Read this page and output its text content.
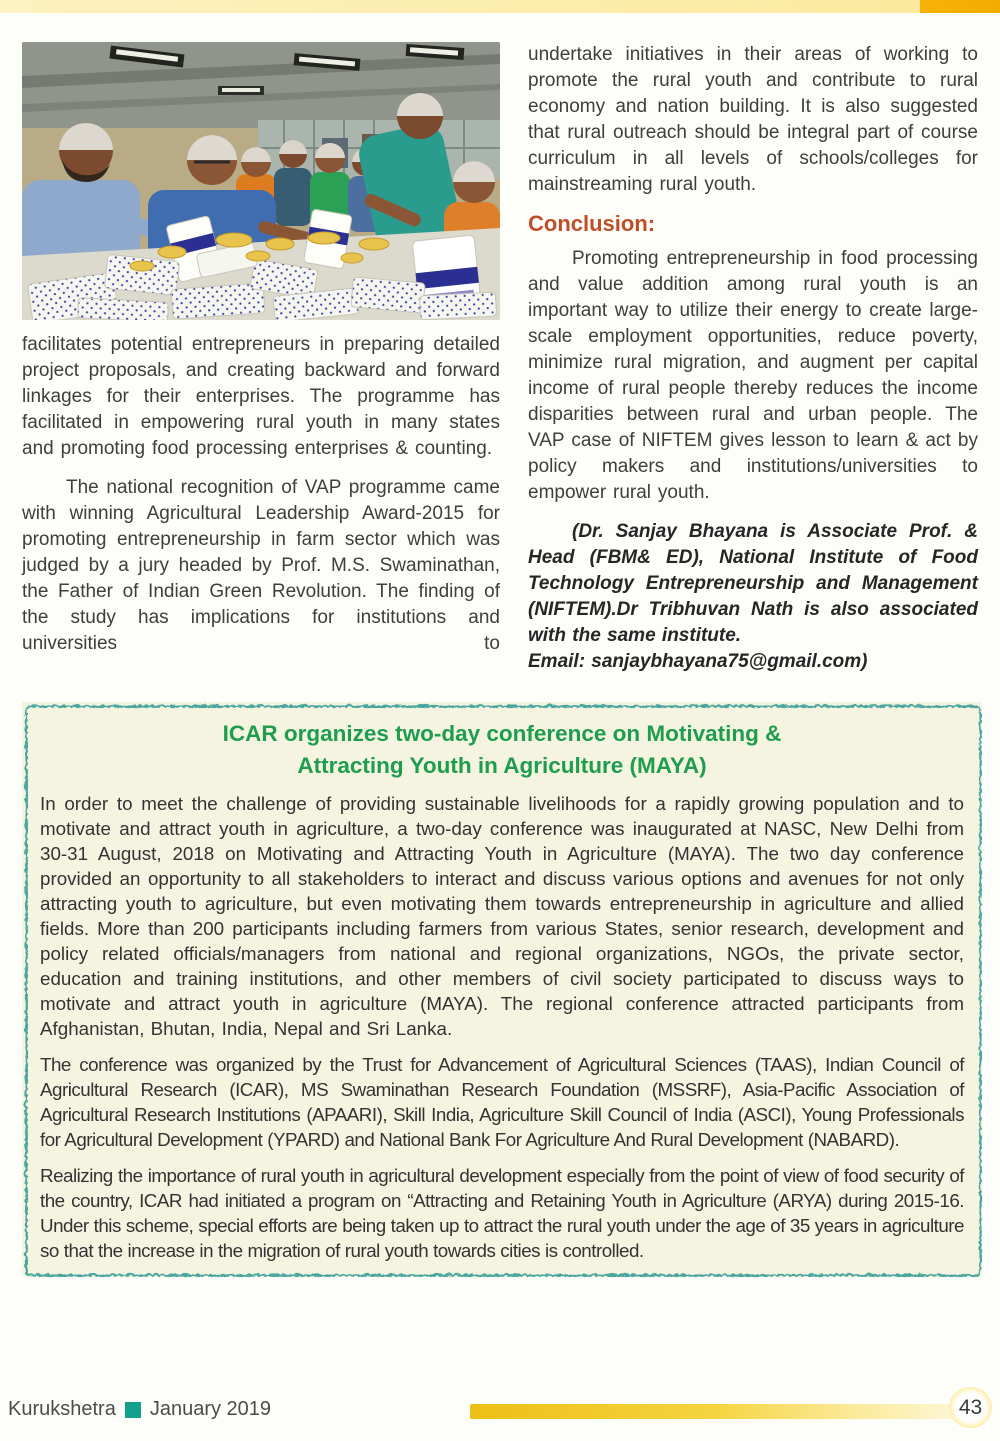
facilitates potential entrepreneurs in preparing detailed project proposals, and creating backward and forward linkages for their enterprises. The programme has facilitated in empowering rural youth in many states and promoting food processing enterprises & counting.

The national recognition of VAP programme came with winning Agricultural Leadership Award-2015 for promoting entrepreneurship in farm sector which was judged by a jury headed by Prof. M.S. Swaminathan, the Father of Indian Green Revolution. The finding of the study has implications for institutions and universities to

undertake initiatives in their areas of working to promote the rural youth and contribute to rural economy and nation building. It is also suggested that rural outreach should be integral part of course curriculum in all levels of schools/colleges for mainstreaming rural youth.

Conclusion:

Promoting entrepreneurship in food processing and value addition among rural youth is an important way to utilize their energy to create large-scale employment opportunities, reduce poverty, minimize rural migration, and augment per capital income of rural people thereby reduces the income disparities between rural and urban people. The VAP case of NIFTEM gives lesson to learn & act by policy makers and institutions/universities to empower rural youth.

(Dr. Sanjay Bhayana is Associate Prof. & Head (FBM& ED), National Institute of Food Technology Entrepreneurship and Management (NIFTEM).Dr Tribhuvan Nath is also associated with the same institute.

Email: sanjaybhayana75@gmail.com)

ICAR organizes two-day conference on Motivating &
Attracting Youth in Agriculture (MAYA)

In order to meet the challenge of providing sustainable livelihoods for a rapidly growing population and to motivate and attract youth in agriculture, a two-day conference was inaugurated at NASC, New Delhi from 30-31 August, 2018 on Motivating and Attracting Youth in Agriculture (MAYA). The two day conference provided an opportunity to all stakeholders to interact and discuss various options and avenues for not only attracting youth to agriculture, but even motivating them towards entrepreneurship in agriculture and allied fields. More than 200 participants including farmers from various States, senior research, development and policy related officials/managers from national and regional organizations, NGOs, the private sector, education and training institutions, and other members of civil society participated to discuss ways to motivate and attract youth in agriculture (MAYA). The regional conference attracted participants from Afghanistan, Bhutan, India, Nepal and Sri Lanka.

The conference was organized by the Trust for Advancement of Agricultural Sciences (TAAS), Indian Council of Agricultural Research (ICAR), MS Swaminathan Research Foundation (MSSRF), Asia-Pacific Association of Agricultural Research Institutions (APAARI), Skill India, Agriculture Skill Council of India (ASCI), Young Professionals for Agricultural Development (YPARD) and National Bank For Agriculture And Rural Development (NABARD).

Realizing the importance of rural youth in agricultural development especially from the point of view of food security of the country, ICAR had initiated a program on “Attracting and Retaining Youth in Agriculture (ARYA) during 2015-16. Under this scheme, special efforts are being taken up to attract the rural youth under the age of 35 years in agriculture so that the increase in the migration of rural youth towards cities is controlled.

Kurukshetra January 2019	43
